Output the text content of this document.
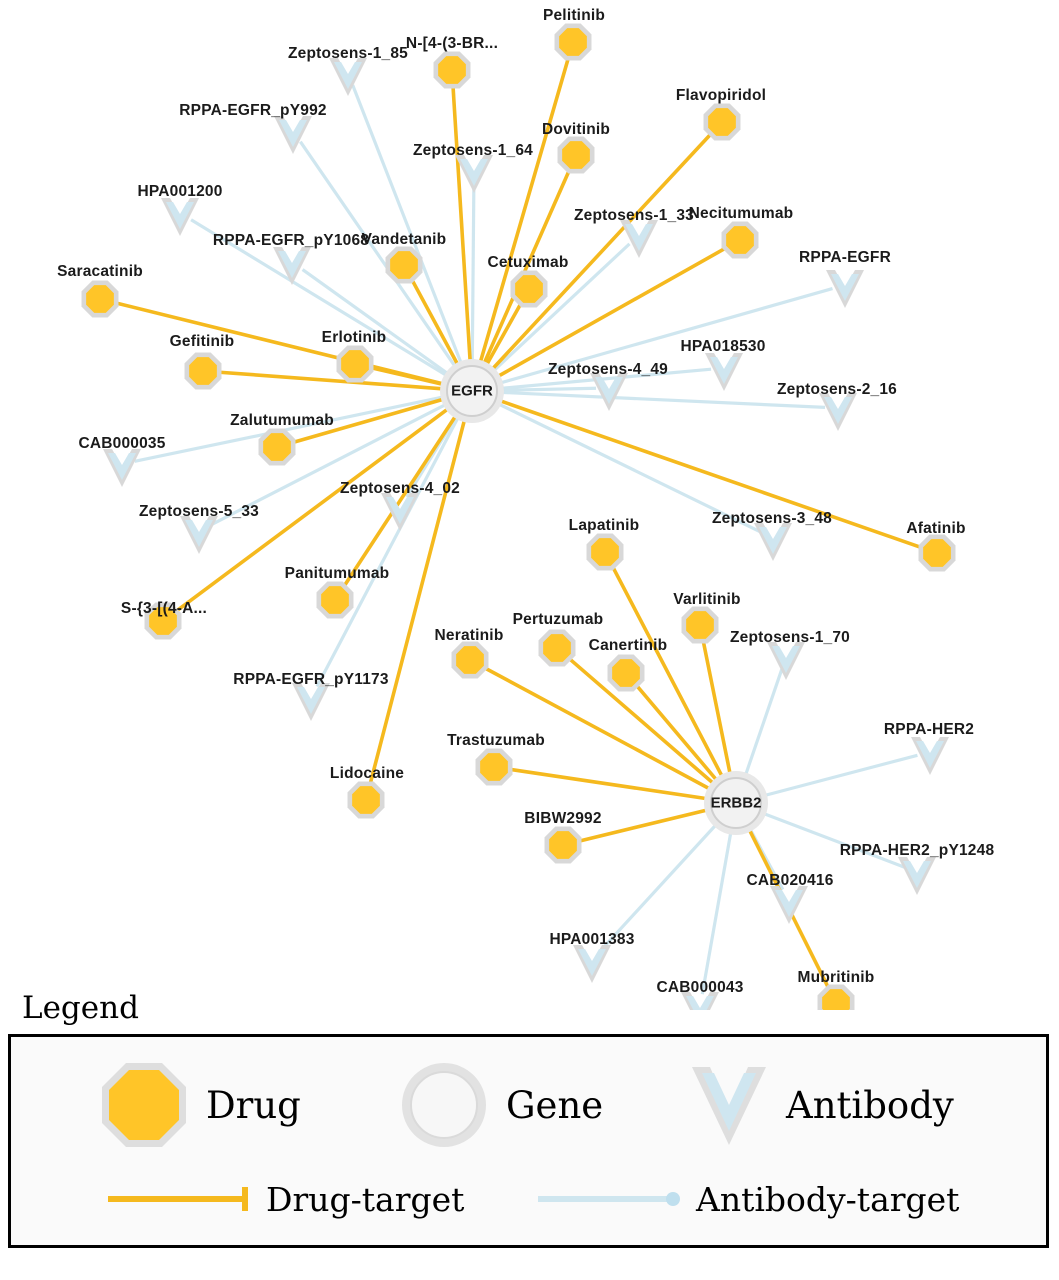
Zeptosens-1_85
RPPA-EGFR_pY992
Zeptosens-1_64
HPA001200
Zeptosens-1_33
RPPA-EGFR_pY1068
RPPA-EGFR
HPA018530
Zeptosens-4_49
Zeptosens-2_16
CAB000035
Zeptosens-4_02
Zeptosens-5_33	Zeptosens-3_48
Zeptosens-1_70
RPPA-EGFR_pY1173
RPPA-HER2
RPPA-HER2_pY1248
CAB020416
HPA001383
CAB000043
Pelitinib
N-[4-(3-BR...
Flavopiridol
Dovitinib
Necitumumab
Vandetanib
Cetuximab
Saracatinib
Erlotinib
Gefitinib
Zalutumumab
Afatinib
Lapatinib
Panitumumab
S-{3-[(4-A...
Varlitinib
Pertuzumab
Neratinib
Canertinib
Trastuzumab
Lidocaine
BIBW2992
Mubritinib
EGFR
ERBB2
Legend
Drug	Gene	Antibody
Drug-target	Antibody-target
